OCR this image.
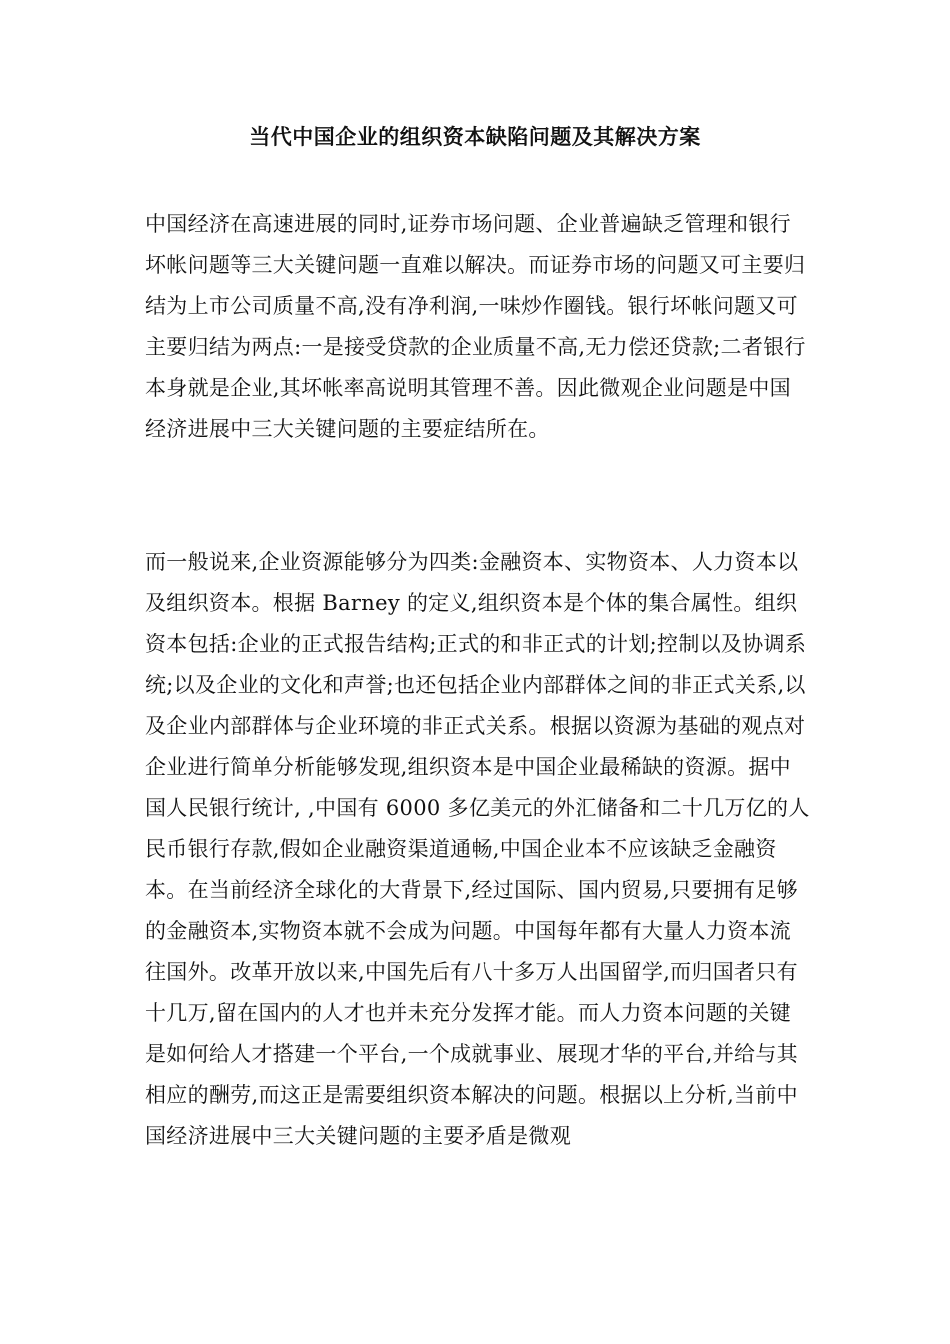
当代中国企业的组织资本缺陷问题及其解决方案
中国经济在高速进展的同时,证券市场问题、企业普遍缺乏管理和银行坏帐问题等三大关键问题一直难以解决。而证券市场的问题又可主要归结为上市公司质量不高,没有净利润,一味炒作圈钱。银行坏帐问题又可主要归结为两点:一是接受贷款的企业质量不高,无力偿还贷款;二者银行本身就是企业,其坏帐率高说明其管理不善。因此微观企业问题是中国经济进展中三大关键问题的主要症结所在。
而一般说来,企业资源能够分为四类:金融资本、实物资本、人力资本以及组织资本。根据 Barney 的定义,组织资本是个体的集合属性。组织资本包括:企业的正式报告结构;正式的和非正式的计划;控制以及协调系统;以及企业的文化和声誉;也还包括企业内部群体之间的非正式关系,以及企业内部群体与企业环境的非正式关系。根据以资源为基础的观点对企业进行简单分析能够发现,组织资本是中国企业最稀缺的资源。据中国人民银行统计, ,中国有 6000 多亿美元的外汇储备和二十几万亿的人民币银行存款,假如企业融资渠道通畅,中国企业本不应该缺乏金融资本。在当前经济全球化的大背景下,经过国际、国内贸易,只要拥有足够的金融资本,实物资本就不会成为问题。中国每年都有大量人力资本流往国外。改革开放以来,中国先后有八十多万人出国留学,而归国者只有十几万,留在国内的人才也并未充分发挥才能。而人力资本问题的关键是如何给人才搭建一个平台,一个成就事业、展现才华的平台,并给与其相应的酬劳,而这正是需要组织资本解决的问题。根据以上分析,当前中国经济进展中三大关键问题的主要矛盾是微观
